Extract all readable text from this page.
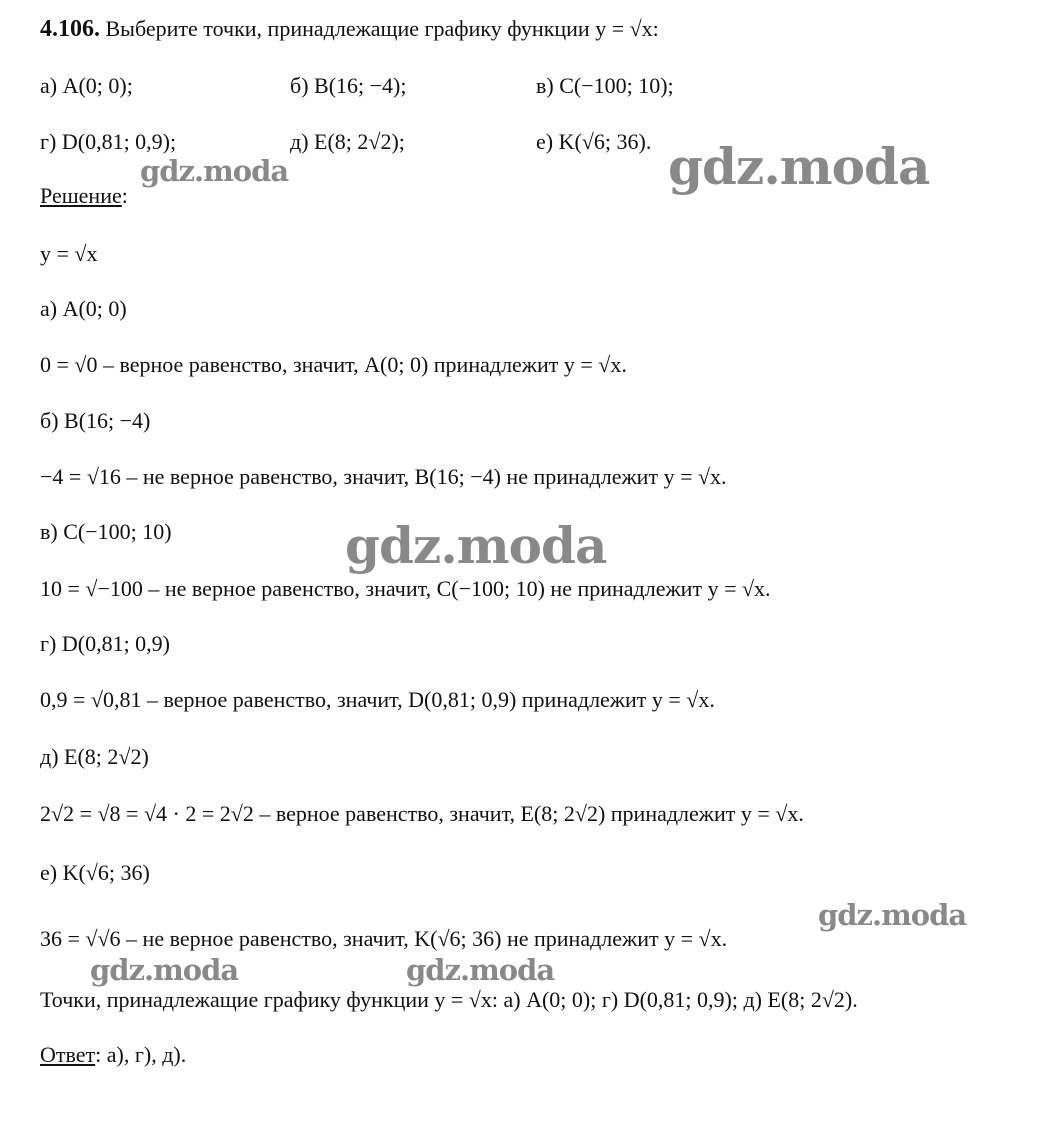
4.106. Выберите точки, принадлежащие графику функции y = √x:
а) A(0; 0);	б) B(16; −4);	в) C(−100; 10);
г) D(0,81; 0,9);	д) E(8; 2√2);	е) K(√6; 36).
Решение:
y = √x
а) A(0; 0)
0 = √0 – верное равенство, значит, A(0; 0) принадлежит y = √x.
б) B(16; −4)
−4 = √16 – не верное равенство, значит, B(16; −4) не принадлежит y = √x.
в) C(−100; 10)
10 = √−100 – не верное равенство, значит, C(−100; 10) не принадлежит y = √x.
г) D(0,81; 0,9)
0,9 = √0,81 – верное равенство, значит, D(0,81; 0,9) принадлежит y = √x.
д) E(8; 2√2)
2√2 = √8 = √4 · 2 = 2√2 – верное равенство, значит, E(8; 2√2) принадлежит y = √x.
е) K(√6; 36)
36 = √√6 – не верное равенство, значит, K(√6; 36) не принадлежит y = √x.
Точки, принадлежащие графику функции y = √x: а) A(0; 0); г) D(0,81; 0,9); д) E(8; 2√2).
Ответ: а), г), д).
gdz.moda	gdz.moda
gdz.moda
gdz.moda
gdz.moda	gdz.moda
